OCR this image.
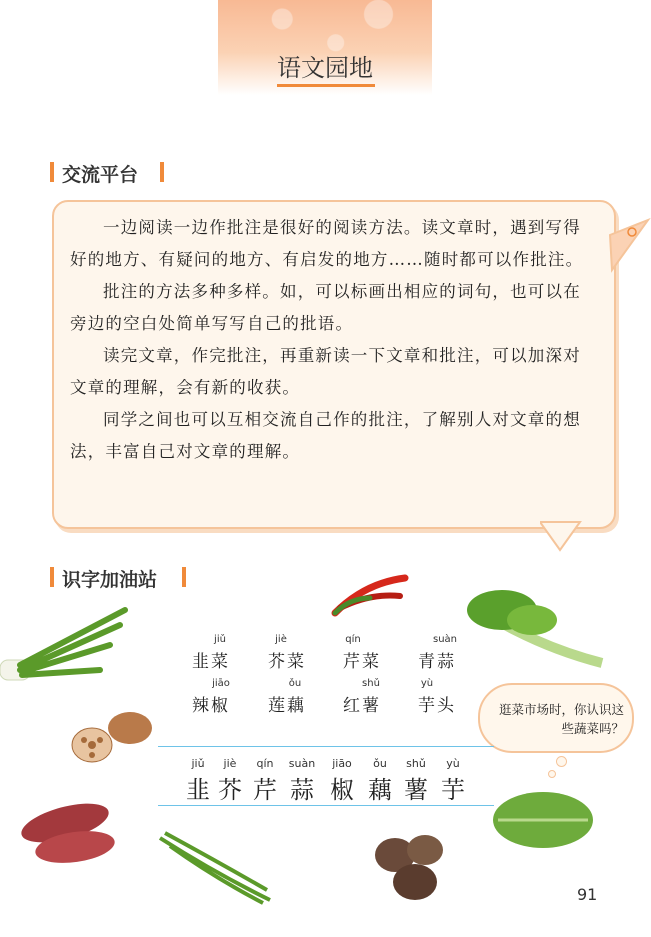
语文园地
交流平台

一边阅读一边作批注是很好的阅读方法。读文章时，遇到写得好的地方、有疑问的地方、有启发的地方……随时都可以作批注。

批注的方法多种多样。如，可以标画出相应的词句，也可以在旁边的空白处简单写写自己的批语。

读完文章，作完批注，再重新读一下文章和批注，可以加深对文章的理解，会有新的收获。

同学之间也可以互相交流自己作的批注，了解别人对文章的想法，丰富自己对文章的理解。

识字加油站
jiǔ
韭菜
jiè
芥菜
qín
芹菜
suàn
青蒜
jiāo
辣椒
ǒu
莲藕
shǔ
红薯
yù
芋头	逛菜市场时，你认识这些蔬菜吗？
jiǔ
韭
jiè
芥
qín
芹
suàn
蒜
jiāo
椒
ǒu
藕
shǔ
薯
yù
芋
91
